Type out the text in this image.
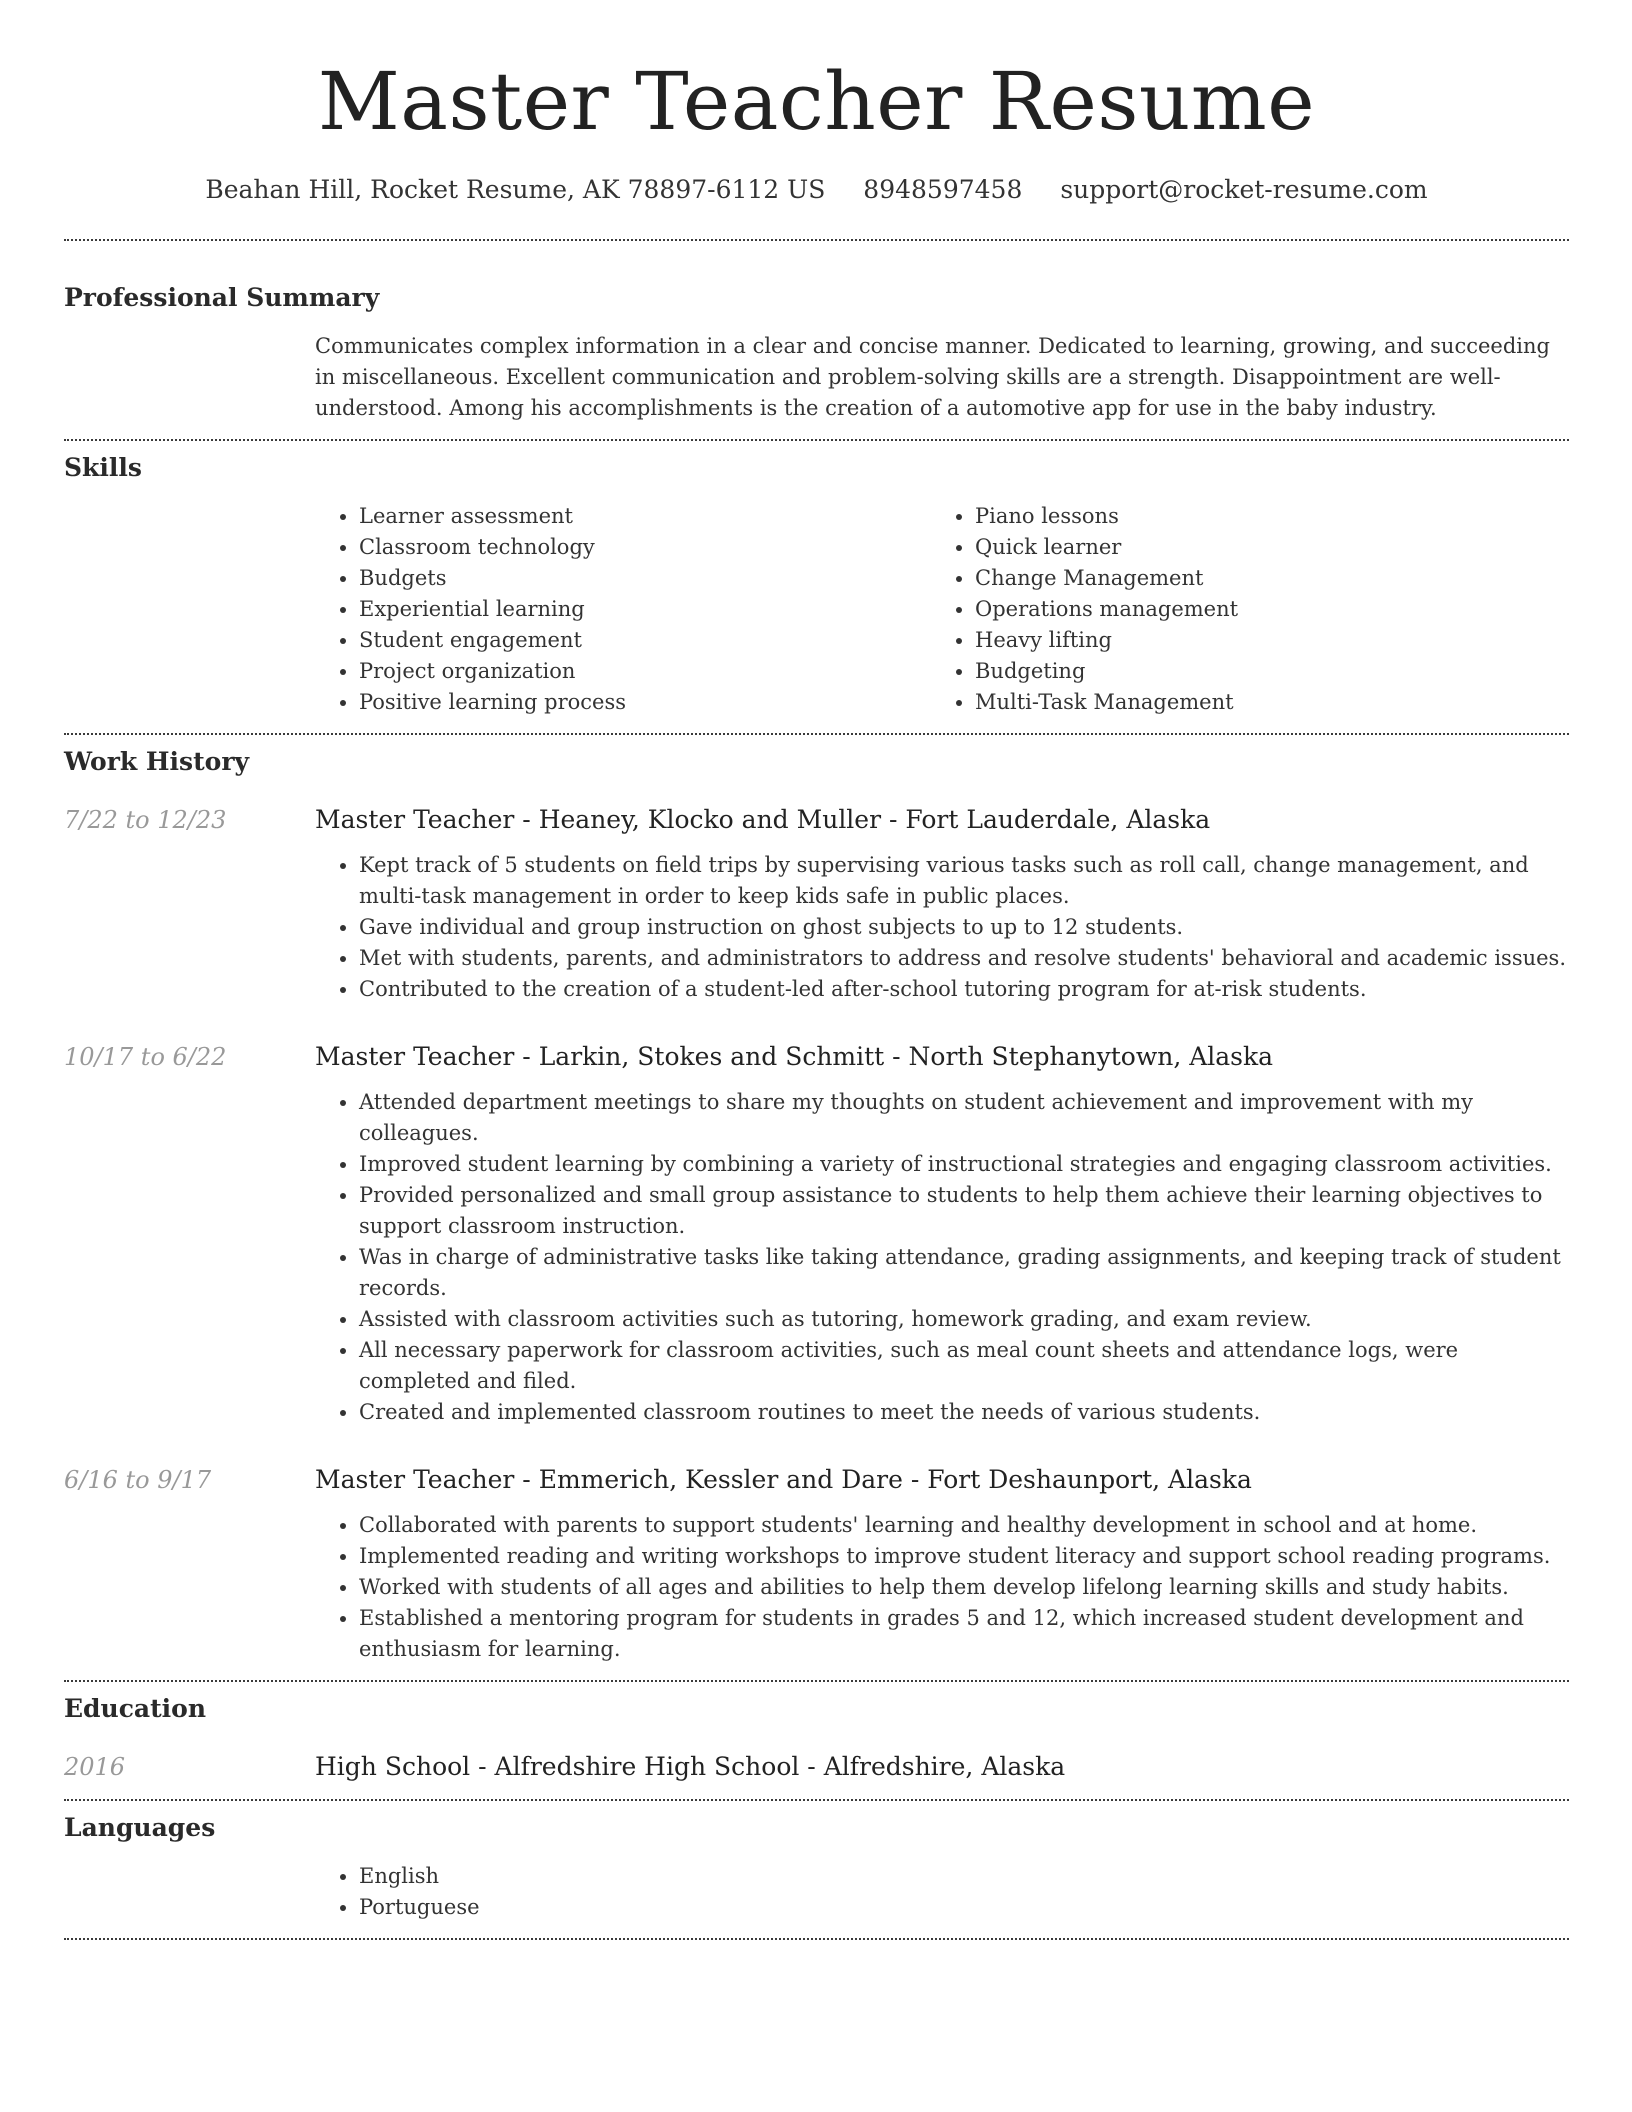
Master Teacher Resume
Beahan Hill, Rocket Resume, AK 78897-6112 US 8948597458 support@rocket-resume.com
Professional Summary
Communicates complex information in a clear and concise manner. Dedicated to learning, growing, and succeeding in miscellaneous. Excellent communication and problem-solving skills are a strength. Disappointment are well-understood. Among his accomplishments is the creation of a automotive app for use in the baby industry.
Skills
• Learner assessment
• Classroom technology
• Budgets
• Experiential learning
• Student engagement
• Project organization
• Positive learning process
• Piano lessons
• Quick learner
• Change Management
• Operations management
• Heavy lifting
• Budgeting
• Multi-Task Management
Work History
7/22 to 12/23	Master Teacher - Heaney, Klocko and Muller - Fort Lauderdale, Alaska
• Kept track of 5 students on field trips by supervising various tasks such as roll call, change management, and multi-task management in order to keep kids safe in public places.
• Gave individual and group instruction on ghost subjects to up to 12 students.
• Met with students, parents, and administrators to address and resolve students' behavioral and academic issues.
• Contributed to the creation of a student-led after-school tutoring program for at-risk students.
10/17 to 6/22	Master Teacher - Larkin, Stokes and Schmitt - North Stephanytown, Alaska
• Attended department meetings to share my thoughts on student achievement and improvement with my colleagues.
• Improved student learning by combining a variety of instructional strategies and engaging classroom activities.
• Provided personalized and small group assistance to students to help them achieve their learning objectives to support classroom instruction.
• Was in charge of administrative tasks like taking attendance, grading assignments, and keeping track of student records.
• Assisted with classroom activities such as tutoring, homework grading, and exam review.
• All necessary paperwork for classroom activities, such as meal count sheets and attendance logs, were completed and filed.
• Created and implemented classroom routines to meet the needs of various students.
6/16 to 9/17	Master Teacher - Emmerich, Kessler and Dare - Fort Deshaunport, Alaska
• Collaborated with parents to support students' learning and healthy development in school and at home.
• Implemented reading and writing workshops to improve student literacy and support school reading programs.
• Worked with students of all ages and abilities to help them develop lifelong learning skills and study habits.
• Established a mentoring program for students in grades 5 and 12, which increased student development and enthusiasm for learning.
Education
2016	High School - Alfredshire High School - Alfredshire, Alaska
Languages
• English
• Portuguese
